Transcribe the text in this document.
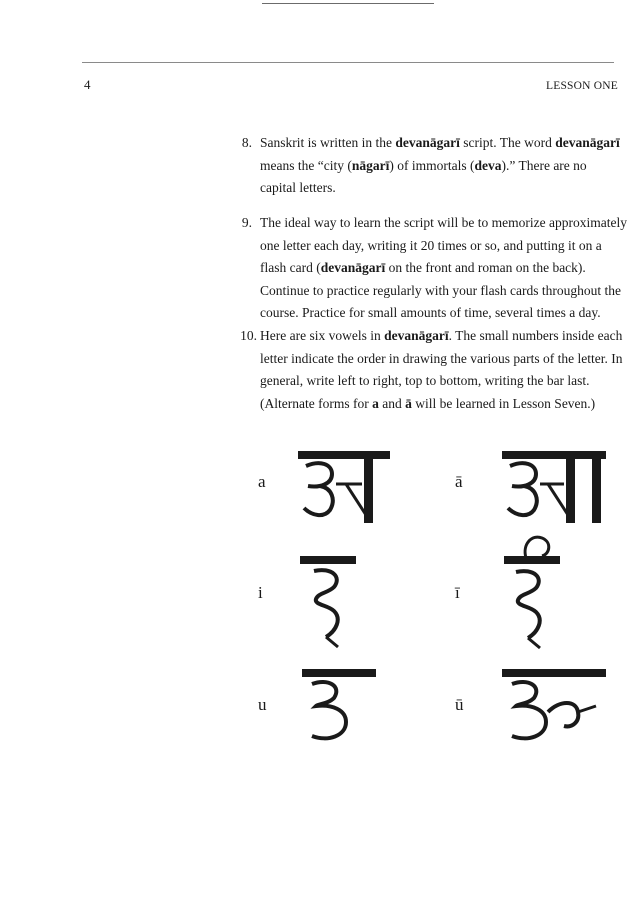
4	LESSON ONE
8. Sanskrit is written in the devanāgarī script. The word devanāgarī
means the “city (nāgarī) of immortals (deva).” There are no
capital letters.
9. The ideal way to learn the script will be to memorize approximately
one letter each day, writing it 20 times or so, and putting it on a
flash card (devanāgarī on the front and roman on the back).
Continue to practice regularly with your flash cards throughout the
course. Practice for small amounts of time, several times a day.
10. Here are six vowels in devanāgarī. The small numbers inside each
letter indicate the order in drawing the various parts of the letter. In
general, write left to right, top to bottom, writing the bar last.
(Alternate forms for a and ā will be learned in Lesson Seven.)
a	ā
i	ī
u	ū
